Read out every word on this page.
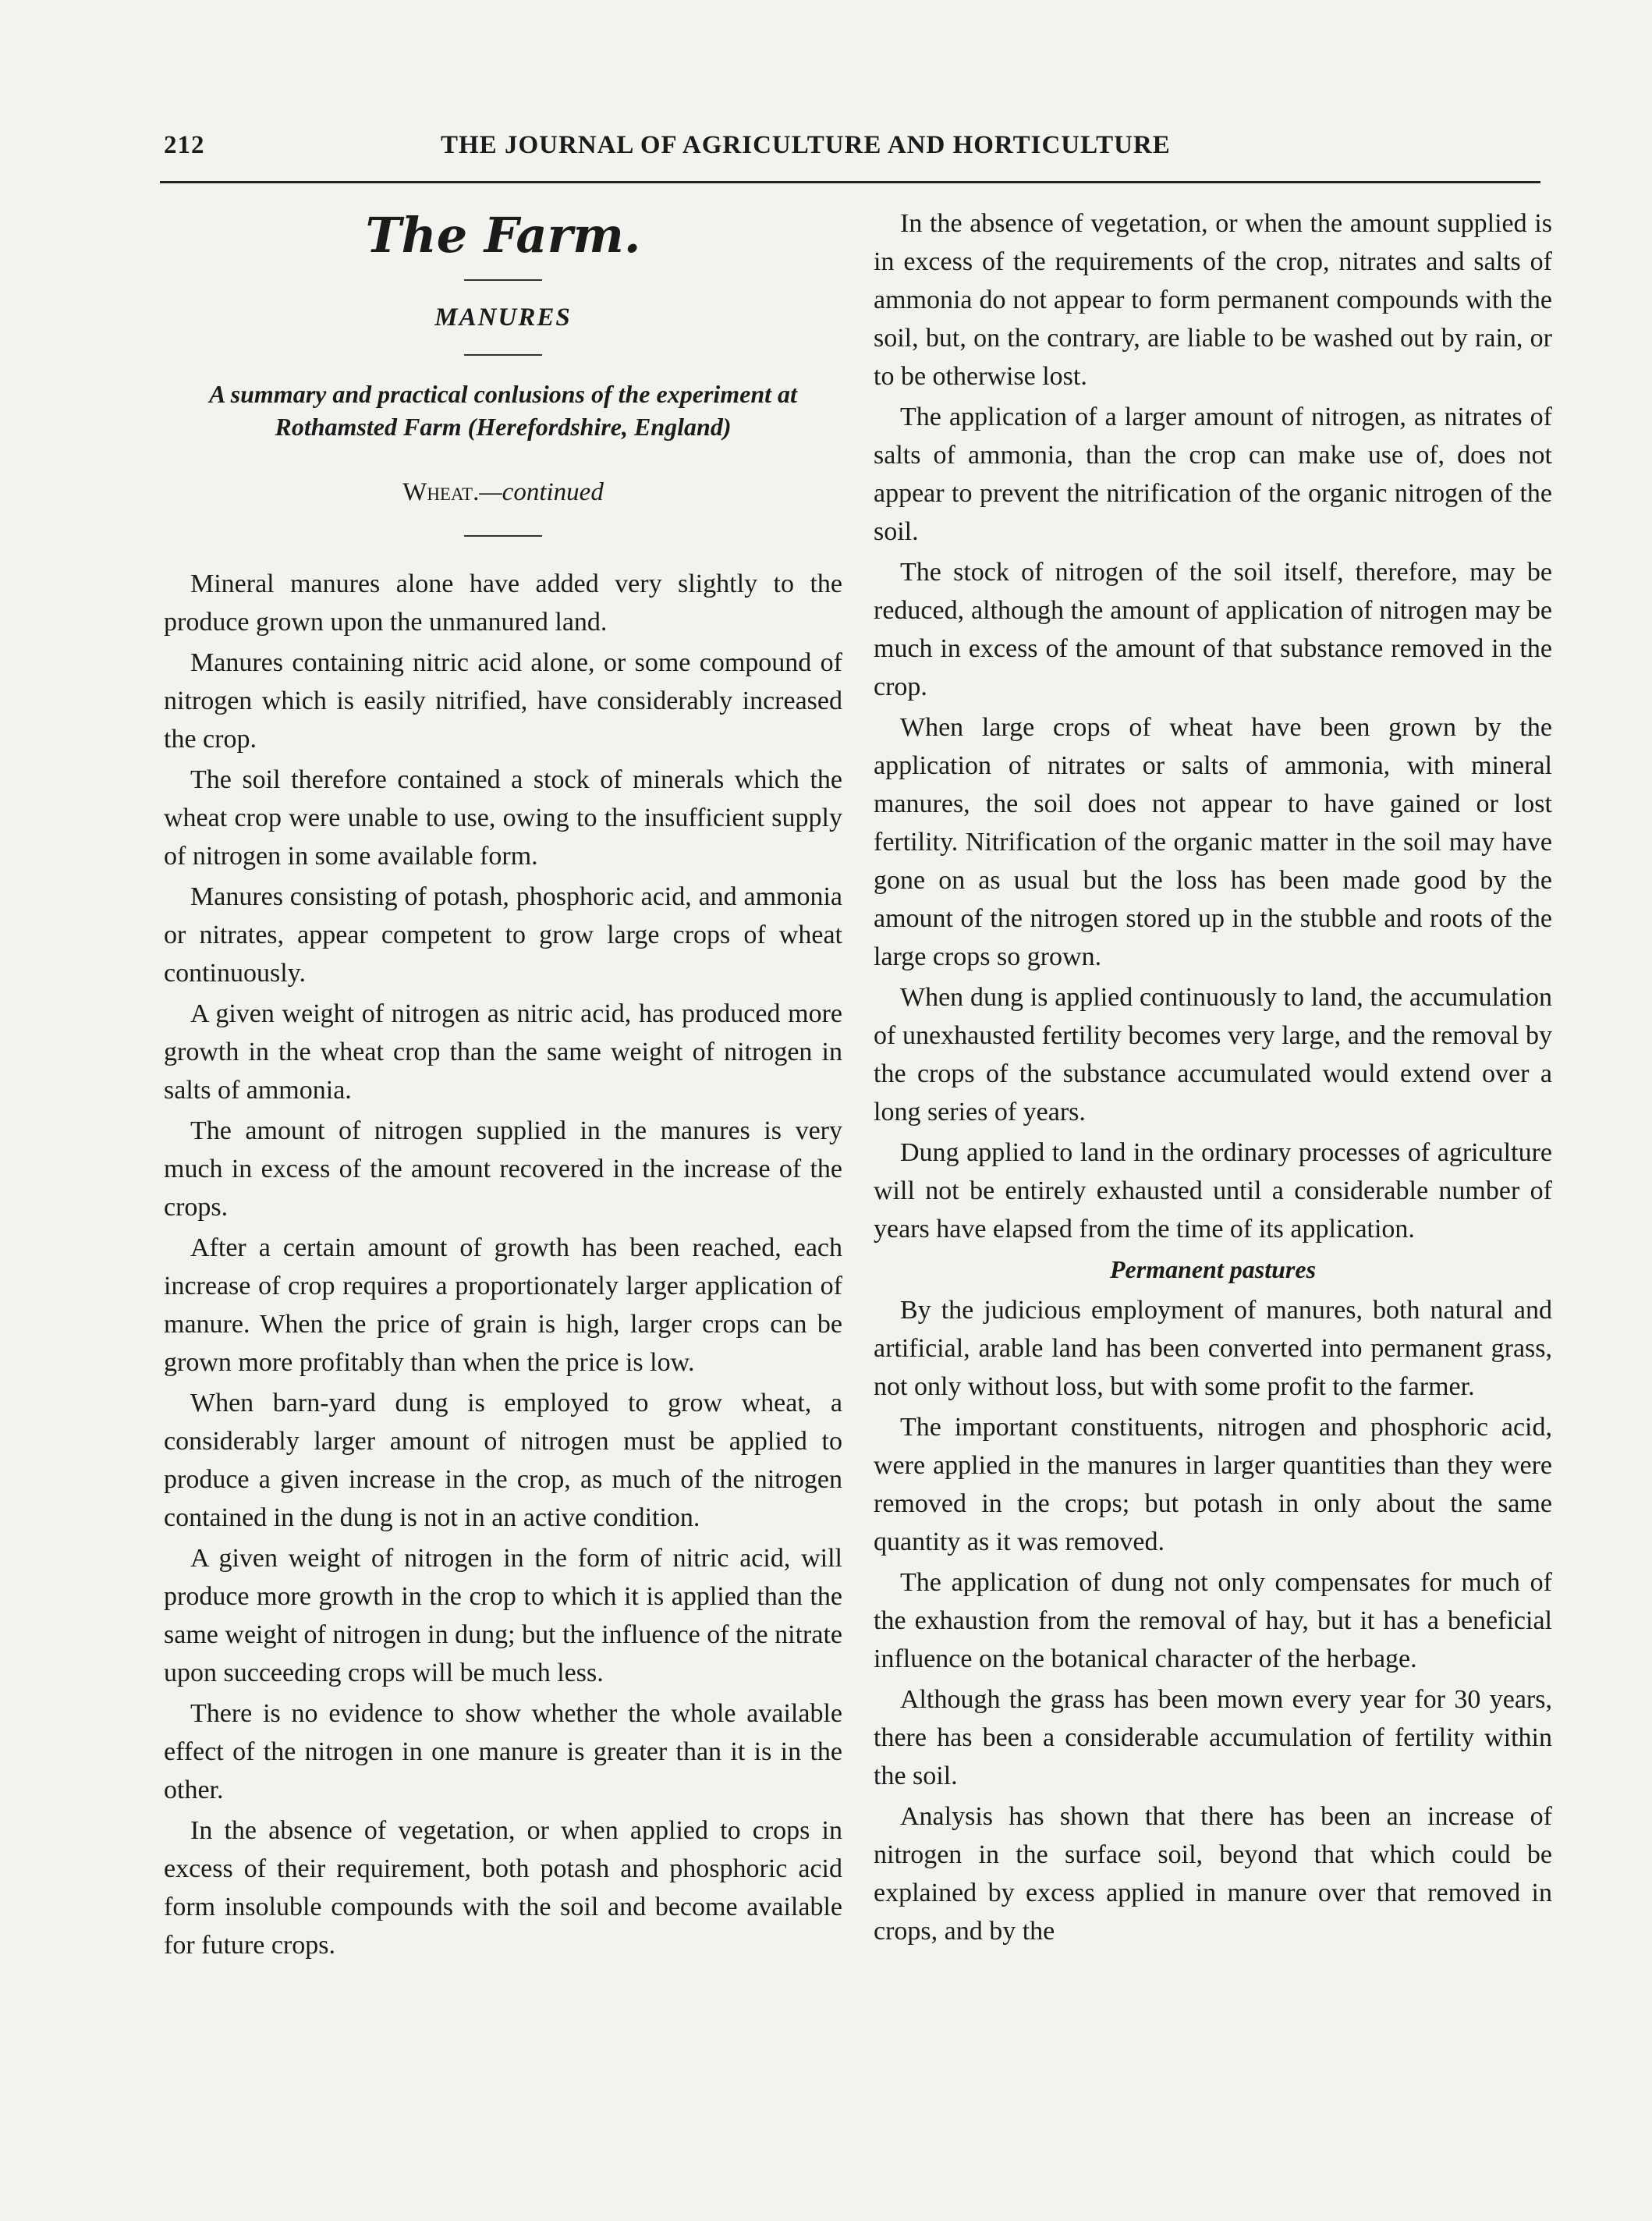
212	THE JOURNAL OF AGRICULTURE AND HORTICULTURE
The Farm.
MANURES
A summary and practical conlusions of the experiment at Rothamsted Farm (Herefordshire, England)
Wheat.—continued

Mineral manures alone have added very slightly to the produce grown upon the unmanured land.

Manures containing nitric acid alone, or some compound of nitrogen which is easily nitrified, have considerably increased the crop.

The soil therefore contained a stock of minerals which the wheat crop were unable to use, owing to the insufficient supply of nitrogen in some available form.

Manures consisting of potash, phosphoric acid, and ammonia or nitrates, appear competent to grow large crops of wheat continuously.

A given weight of nitrogen as nitric acid, has produced more growth in the wheat crop than the same weight of nitrogen in salts of ammonia.

The amount of nitrogen supplied in the manures is very much in excess of the amount recovered in the increase of the crops.

After a certain amount of growth has been reached, each increase of crop requires a proportionately larger application of manure. When the price of grain is high, larger crops can be grown more profitably than when the price is low.

When barn-yard dung is employed to grow wheat, a considerably larger amount of nitrogen must be applied to produce a given increase in the crop, as much of the nitrogen contained in the dung is not in an active condition.

A given weight of nitrogen in the form of nitric acid, will produce more growth in the crop to which it is applied than the same weight of nitrogen in dung; but the influence of the nitrate upon succeeding crops will be much less.

There is no evidence to show whether the whole available effect of the nitrogen in one manure is greater than it is in the other.

In the absence of vegetation, or when applied to crops in excess of their requirement, both potash and phosphoric acid form insoluble compounds with the soil and become available for future crops.

In the absence of vegetation, or when the amount supplied is in excess of the requirements of the crop, nitrates and salts of ammonia do not appear to form permanent compounds with the soil, but, on the contrary, are liable to be washed out by rain, or to be otherwise lost.

The application of a larger amount of nitrogen, as nitrates of salts of ammonia, than the crop can make use of, does not appear to prevent the nitrification of the organic nitrogen of the soil.

The stock of nitrogen of the soil itself, therefore, may be reduced, although the amount of application of nitrogen may be much in excess of the amount of that substance removed in the crop.

When large crops of wheat have been grown by the application of nitrates or salts of ammonia, with mineral manures, the soil does not appear to have gained or lost fertility. Nitrification of the organic matter in the soil may have gone on as usual but the loss has been made good by the amount of the nitrogen stored up in the stubble and roots of the large crops so grown.

When dung is applied continuously to land, the accumulation of unexhausted fertility becomes very large, and the removal by the crops of the substance accumulated would extend over a long series of years.

Dung applied to land in the ordinary processes of agriculture will not be entirely exhausted until a considerable number of years have elapsed from the time of its application.

Permanent pastures

By the judicious employment of manures, both natural and artificial, arable land has been converted into permanent grass, not only without loss, but with some profit to the farmer.

The important constituents, nitrogen and phosphoric acid, were applied in the manures in larger quantities than they were removed in the crops; but potash in only about the same quantity as it was removed.

The application of dung not only compensates for much of the exhaustion from the removal of hay, but it has a beneficial influence on the botanical character of the herbage.

Although the grass has been mown every year for 30 years, there has been a considerable accumulation of fertility within the soil.

Analysis has shown that there has been an increase of nitrogen in the surface soil, beyond that which could be explained by excess applied in manure over that removed in crops, and by the
